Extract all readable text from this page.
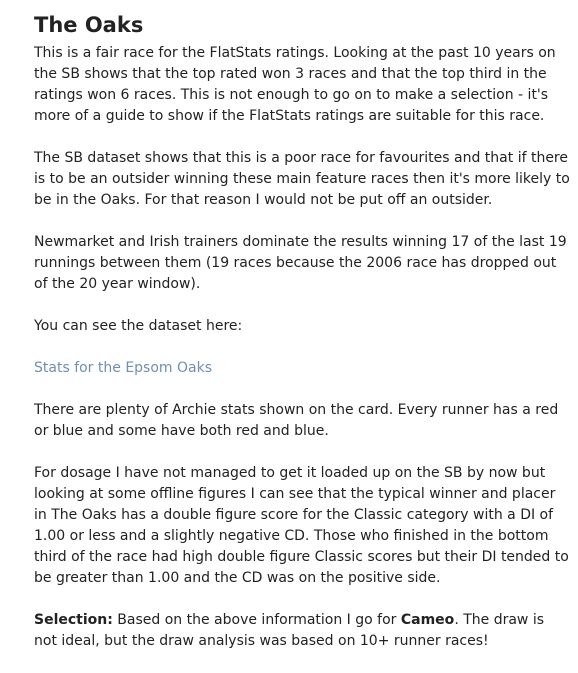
The Oaks

This is a fair race for the FlatStats ratings. Looking at the past 10 years on the SB shows that the top rated won 3 races and that the top third in the ratings won 6 races. This is not enough to go on to make a selection - it's more of a guide to show if the FlatStats ratings are suitable for this race.

The SB dataset shows that this is a poor race for favourites and that if there is to be an outsider winning these main feature races then it's more likely to be in the Oaks. For that reason I would not be put off an outsider.

Newmarket and Irish trainers dominate the results winning 17 of the last 19 runnings between them (19 races because the 2006 race has dropped out of the 20 year window).

You can see the dataset here:

Stats for the Epsom Oaks

There are plenty of Archie stats shown on the card. Every runner has a red or blue and some have both red and blue.

For dosage I have not managed to get it loaded up on the SB by now but looking at some offline figures I can see that the typical winner and placer in The Oaks has a double figure score for the Classic category with a DI of 1.00 or less and a slightly negative CD. Those who finished in the bottom third of the race had high double figure Classic scores but their DI tended to be greater than 1.00 and the CD was on the positive side.

Selection: Based on the above information I go for Cameo. The draw is not ideal, but the draw analysis was based on 10+ runner races!
